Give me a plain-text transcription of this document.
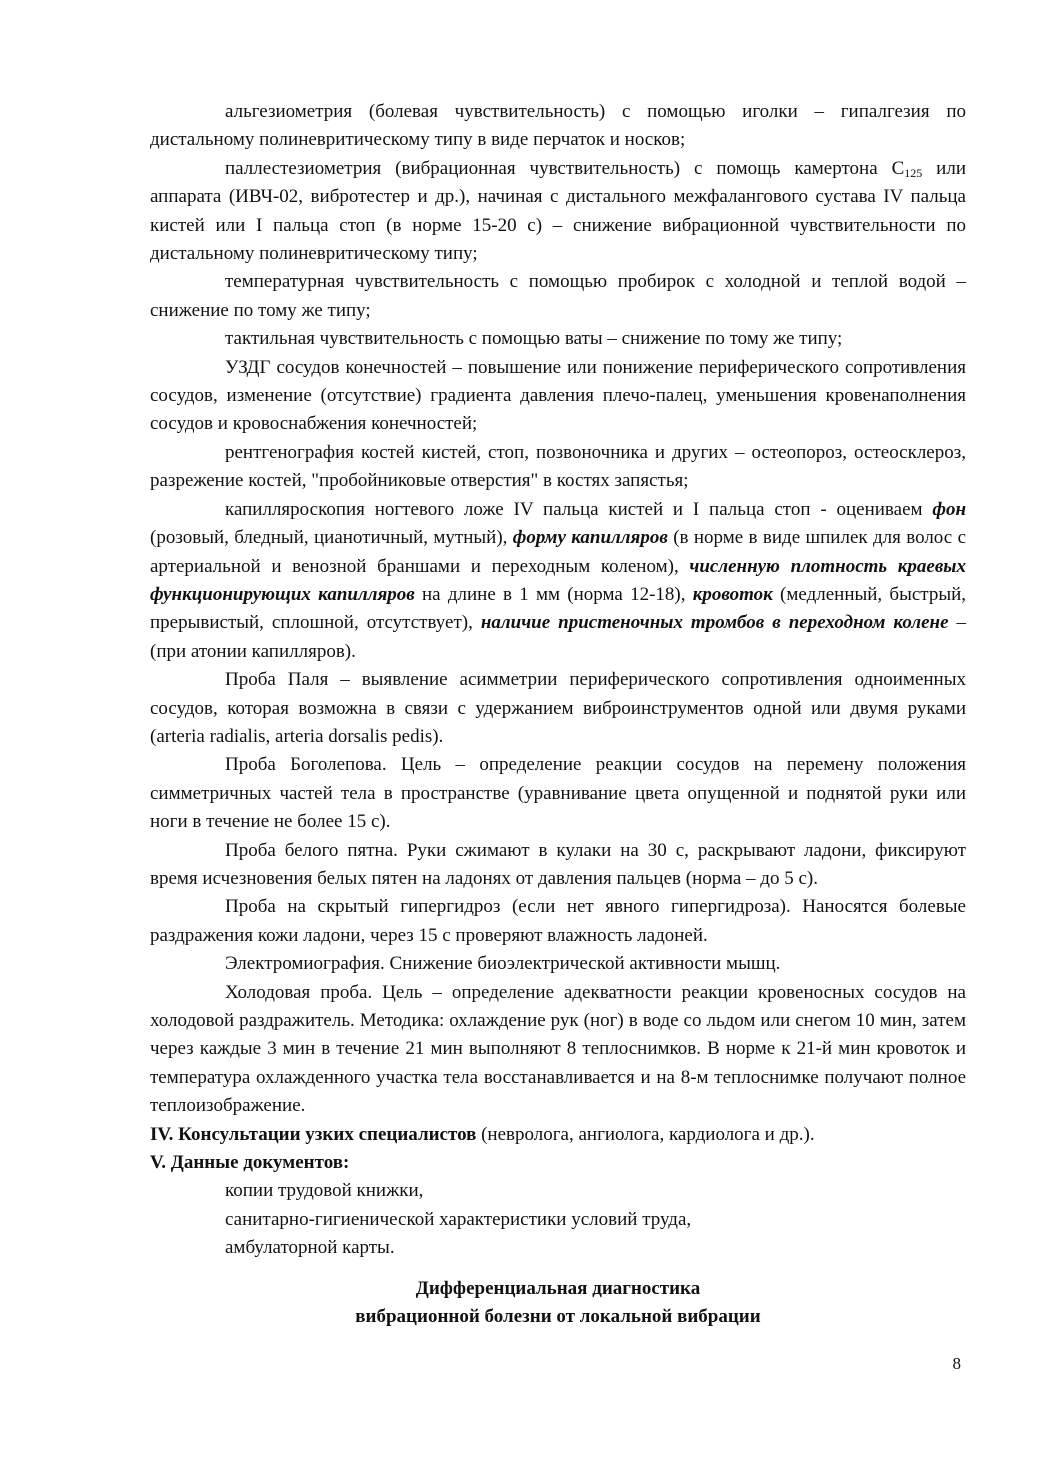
альгезиометрия (болевая чувствительность) с помощью иголки – гипалгезия по дистальному полиневритическому типу в виде перчаток и носков;

паллестезиометрия (вибрационная чувствительность) с помощь камертона $С_{125}$ или аппарата (ИВЧ-02, вибротестер и др.), начиная с дистального межфалангового сустава IV пальца кистей или I пальца стоп (в норме 15-20 с) – снижение вибрационной чувствительности по дистальному полиневритическому типу;

температурная чувствительность с помощью пробирок с холодной и теплой водой – снижение по тому же типу;

тактильная чувствительность с помощью ваты – снижение по тому же типу;

УЗДГ сосудов конечностей – повышение или понижение периферического сопротивления сосудов, изменение (отсутствие) градиента давления плечо-палец, уменьшения кровенаполнения сосудов и кровоснабжения конечностей;

рентгенография костей кистей, стоп, позвоночника и других – остеопороз, остеосклероз, разрежение костей, "пробойниковые отверстия" в костях запястья;

капилляроскопия ногтевого ложе IV пальца кистей и I пальца стоп - оцениваем фон (розовый, бледный, цианотичный, мутный), форму капилляров (в норме в виде шпилек для волос с артериальной и венозной браншами и переходным коленом), численную плотность краевых функционирующих капилляров на длине в 1 мм (норма 12-18), кровоток (медленный, быстрый, прерывистый, сплошной, отсутствует), наличие пристеночных тромбов в переходном колене – (при атонии капилляров).

Проба Паля – выявление асимметрии периферического сопротивления одноименных сосудов, которая возможна в связи с удержанием виброинструментов одной или двумя руками (arteria radialis, arteria dorsalis pedis).

Проба Боголепова. Цель – определение реакции сосудов на перемену положения симметричных частей тела в пространстве (уравнивание цвета опущенной и поднятой руки или ноги в течение не более 15 с).

Проба белого пятна. Руки сжимают в кулаки на 30 с, раскрывают ладони, фиксируют время исчезновения белых пятен на ладонях от давления пальцев (норма – до 5 с).

Проба на скрытый гипергидроз (если нет явного гипергидроза). Наносятся болевые раздражения кожи ладони, через 15 с проверяют влажность ладоней.

Электромиография. Снижение биоэлектрической активности мышц.

Холодовая проба. Цель – определение адекватности реакции кровеносных сосудов на холодовой раздражитель. Методика: охлаждение рук (ног) в воде со льдом или снегом 10 мин, затем через каждые 3 мин в течение 21 мин выполняют 8 теплоснимков. В норме к 21-й мин кровоток и температура охлажденного участка тела восстанавливается и на 8-м теплоснимке получают полное теплоизображение.

IV. Консультации узких специалистов (невролога, ангиолога, кардиолога и др.).

V. Данные документов:

копии трудовой книжки,

санитарно-гигиенической характеристики условий труда,

амбулаторной карты.

Дифференциальная диагностика
вибрационной болезни от локальной вибрации
8
